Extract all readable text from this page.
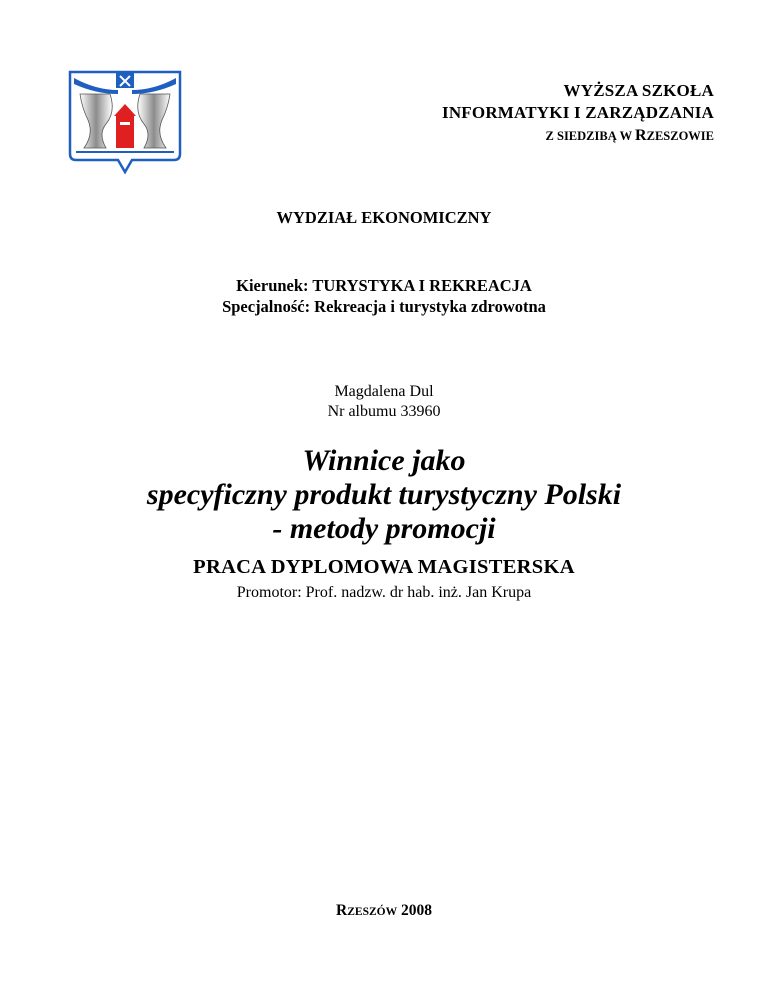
WYŻSZA SZKOŁA
INFORMATYKI I ZARZĄDZANIA
Z SIEDZIBĄ W RZESZOWIE
WYDZIAŁ EKONOMICZNY
Kierunek: TURYSTYKA I REKREACJA
Specjalność: Rekreacja i turystyka zdrowotna
Magdalena Dul
Nr albumu 33960
Winnice jako
specyficzny produkt turystyczny Polski
- metody promocji
PRACA DYPLOMOWA MAGISTERSKA
Promotor: Prof. nadzw. dr hab. inż. Jan Krupa
RZESZÓW 2008
